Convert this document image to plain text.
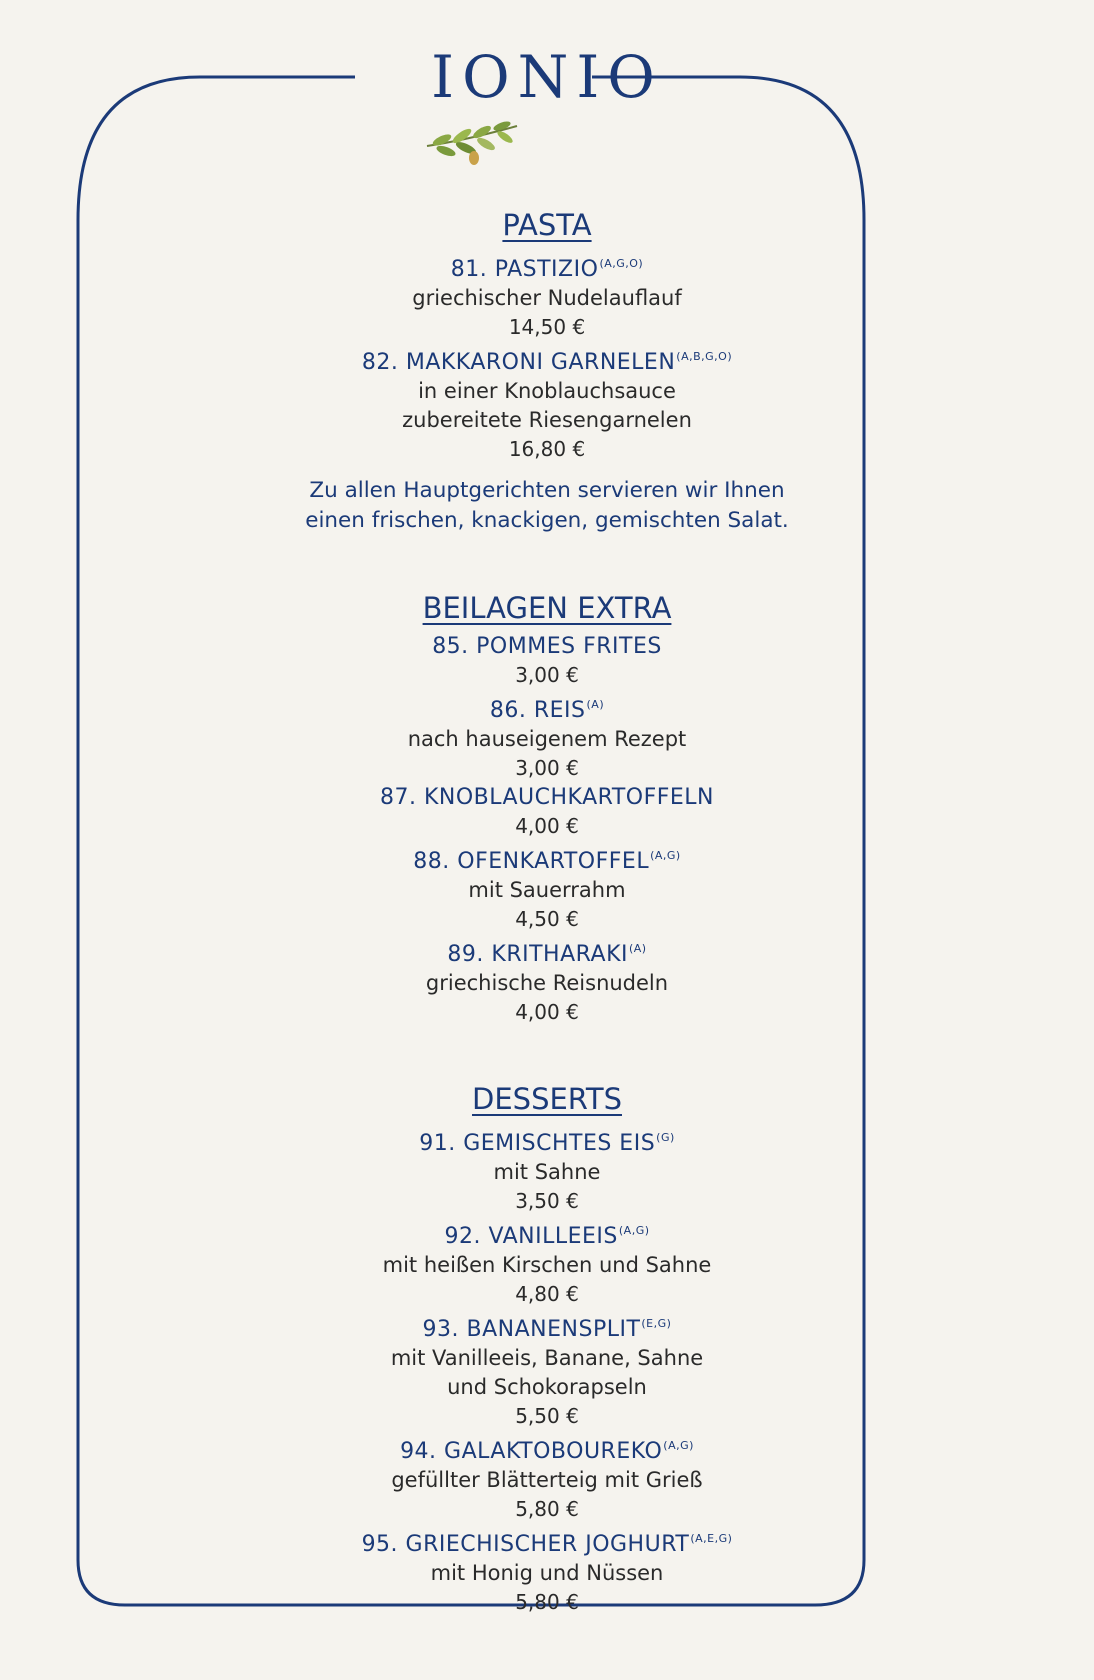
IONIO
PASTA
81. $PASTIZIO^{(A,G,O)}$
griechischer Nudelauflauf
14,50 €
82. MAKKARONI $GARNELEN^{(A,B,G,O)}$
in einer Knoblauchsauce
zubereitete Riesengarnelen
16,80 €
Zu allen Hauptgerichten servieren wir Ihnen
einen frischen, knackigen, gemischten Salat.
BEILAGEN EXTRA
85. POMMES FRITES
3,00 €
86. $REIS^{(A)}$
nach hauseigenem Rezept
3,00 €
87. KNOBLAUCHKARTOFFELN
4,00 €
88. $OFENKARTOFFEL^{(A,G)}$
mit Sauerrahm
4,50 €
89. $KRITHARAKI^{(A)}$
griechische Reisnudeln
4,00 €
DESSERTS
91. GEMISCHTES $EIS^{(G)}$
mit Sahne
3,50 €
92. $VANILLEEIS^{(A,G)}$
mit heißen Kirschen und Sahne
4,80 €
93. $BANANENSPLIT^{(E,G)}$
mit Vanilleeis, Banane, Sahne
und Schokorapseln
5,50 €
94. $GALAKTOBOUREKO^{(A,G)}$
gefüllter Blätterteig mit Grieß
5,80 €
95. GRIECHISCHER $JOGHURT^{(A,E,G)}$
mit Honig und Nüssen
5,80 €
